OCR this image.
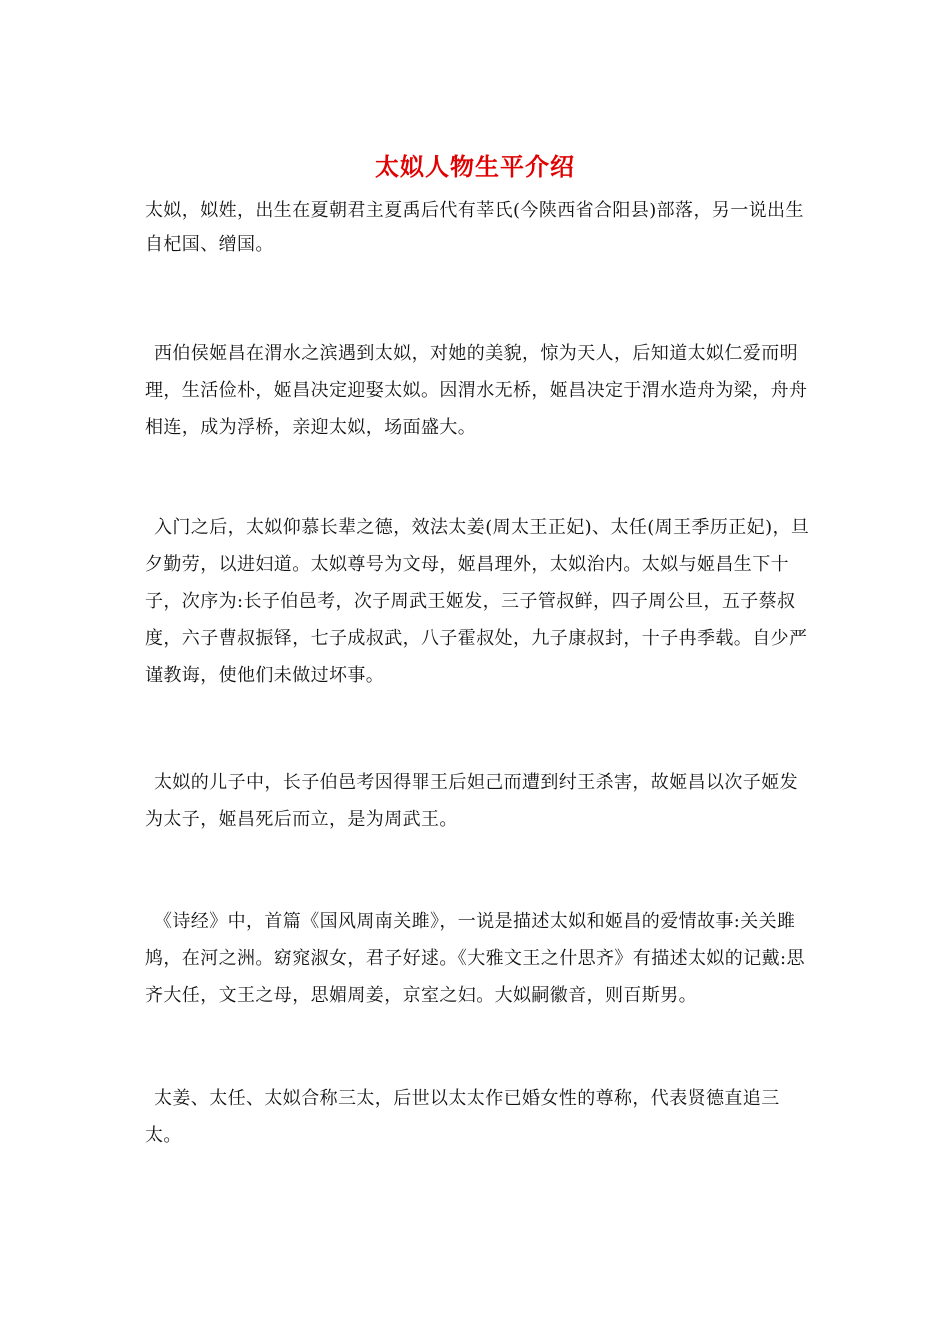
太姒人物生平介绍

太姒，姒姓，出生在夏朝君主夏禹后代有莘氏(今陕西省合阳县)部落，另一说出生自杞国、缯国。

西伯侯姬昌在渭水之滨遇到太姒，对她的美貌，惊为天人，后知道太姒仁爱而明理，生活俭朴，姬昌决定迎娶太姒。因渭水无桥，姬昌决定于渭水造舟为梁，舟舟相连，成为浮桥，亲迎太姒，场面盛大。

入门之后，太姒仰慕长辈之德，效法太姜(周太王正妃)、太任(周王季历正妃)，旦夕勤劳，以进妇道。太姒尊号为文母，姬昌理外，太姒治内。太姒与姬昌生下十子，次序为:长子伯邑考，次子周武王姬发，三子管叔鲜，四子周公旦，五子蔡叔度，六子曹叔振铎，七子成叔武，八子霍叔处，九子康叔封，十子冉季载。自少严谨教诲，使他们未做过坏事。

太姒的儿子中，长子伯邑考因得罪王后妲己而遭到纣王杀害，故姬昌以次子姬发为太子，姬昌死后而立，是为周武王。

《诗经》中，首篇《国风周南关雎》，一说是描述太姒和姬昌的爱情故事:关关雎鸠，在河之洲。窈窕淑女，君子好逑。《大雅文王之什思齐》有描述太姒的记戴:思齐大任，文王之母，思媚周姜，京室之妇。大姒嗣徽音，则百斯男。

太姜、太任、太姒合称三太，后世以太太作已婚女性的尊称，代表贤德直追三太。
